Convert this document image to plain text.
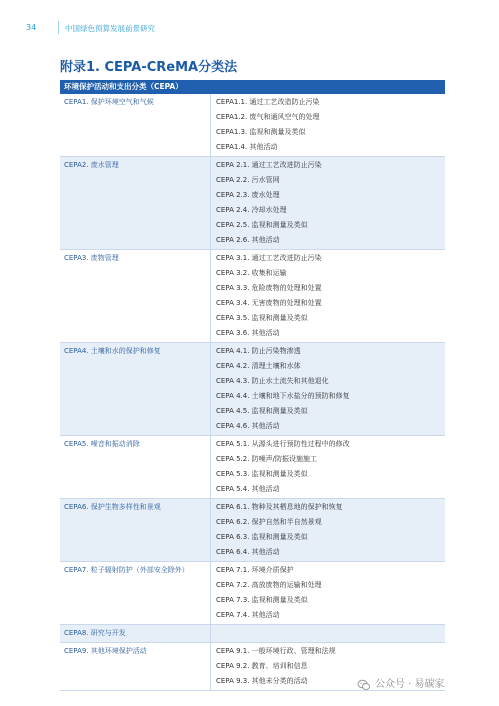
34	中国绿色预算发展前景研究
附录1. CEPA-CReMA分类法
环境保护活动和支出分类（CEPA）
CEPA1. 保护环境空气和气候	CEPA1.1. 通过工艺改造防止污染
CEPA1.2. 废气和通风空气的处理
CEPA1.3. 监视和测量及类似
CEPA1.4. 其他活动
CEPA2. 废水管理	CEPA 2.1. 通过工艺改进防止污染
CEPA 2.2. 污水管网
CEPA 2.3. 废水处理
CEPA 2.4. 冷却水处理
CEPA 2.5. 监视和测量及类似
CEPA 2.6. 其他活动
CEPA3. 废物管理	CEPA 3.1. 通过工艺改进防止污染
CEPA 3.2. 收集和运输
CEPA 3.3. 危险废物的处理和处置
CEPA 3.4. 无害废物的处理和处置
CEPA 3.5. 监视和测量及类似
CEPA 3.6. 其他活动
CEPA4. 土壤和水的保护和修复	CEPA 4.1. 防止污染物渗透
CEPA 4.2. 清理土壤和水体
CEPA 4.3. 防止水土流失和其他退化
CEPA 4.4. 土壤和地下水盐分的预防和修复
CEPA 4.5. 监视和测量及类似
CEPA 4.6. 其他活动
CEPA5. 噪音和振动消除	CEPA 5.1. 从源头进行预防性过程中的修改
CEPA 5.2. 防噪声/防振设施施工
CEPA 5.3. 监视和测量及类似
CEPA 5.4. 其他活动
CEPA6. 保护生物多样性和景观	CEPA 6.1. 物种及其栖息地的保护和恢复
CEPA 6.2. 保护自然和半自然景观
CEPA 6.3. 监视和测量及类似
CEPA 6.4. 其他活动
CEPA7. 粒子辐射防护（外部安全除外）	CEPA 7.1. 环境介质保护
CEPA 7.2. 高放废物的运输和处理
CEPA 7.3. 监视和测量及类似
CEPA 7.4. 其他活动
CEPA8. 研究与开发
CEPA9. 其他环境保护活动	CEPA 9.1. 一般环境行政、管理和法规
CEPA 9.2. 教育、培训和信息
CEPA 9.3. 其他未分类的活动	公众号 · 易碳家
